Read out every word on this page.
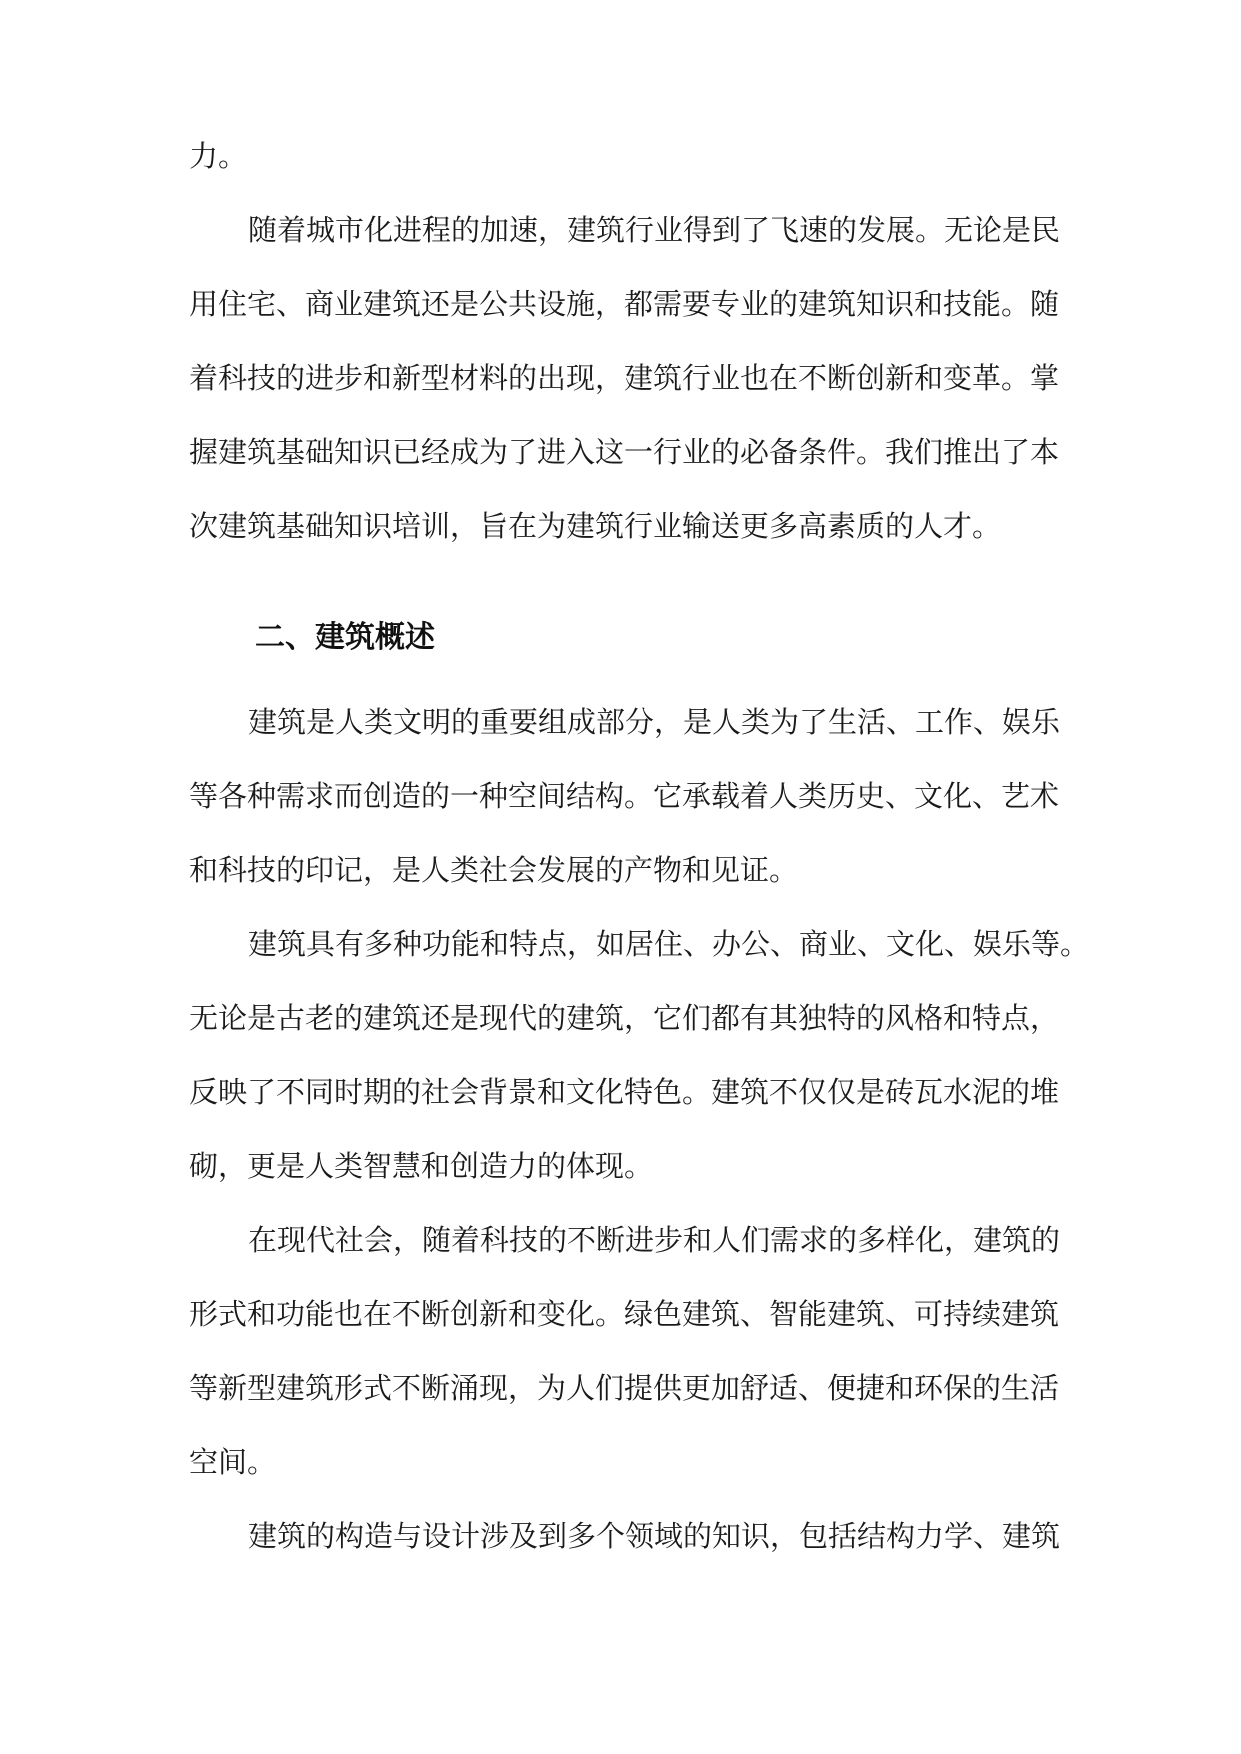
力。
随着城市化进程的加速，建筑行业得到了飞速的发展。无论是民
用住宅、商业建筑还是公共设施，都需要专业的建筑知识和技能。随
着科技的进步和新型材料的出现，建筑行业也在不断创新和变革。掌
握建筑基础知识已经成为了进入这一行业的必备条件。我们推出了本
次建筑基础知识培训，旨在为建筑行业输送更多高素质的人才。
二、建筑概述
建筑是人类文明的重要组成部分，是人类为了生活、工作、娱乐
等各种需求而创造的一种空间结构。它承载着人类历史、文化、艺术
和科技的印记，是人类社会发展的产物和见证。
建筑具有多种功能和特点，如居住、办公、商业、文化、娱乐等。
无论是古老的建筑还是现代的建筑，它们都有其独特的风格和特点，
反映了不同时期的社会背景和文化特色。建筑不仅仅是砖瓦水泥的堆
砌，更是人类智慧和创造力的体现。
在现代社会，随着科技的不断进步和人们需求的多样化，建筑的
形式和功能也在不断创新和变化。绿色建筑、智能建筑、可持续建筑
等新型建筑形式不断涌现，为人们提供更加舒适、便捷和环保的生活
空间。
建筑的构造与设计涉及到多个领域的知识，包括结构力学、建筑
